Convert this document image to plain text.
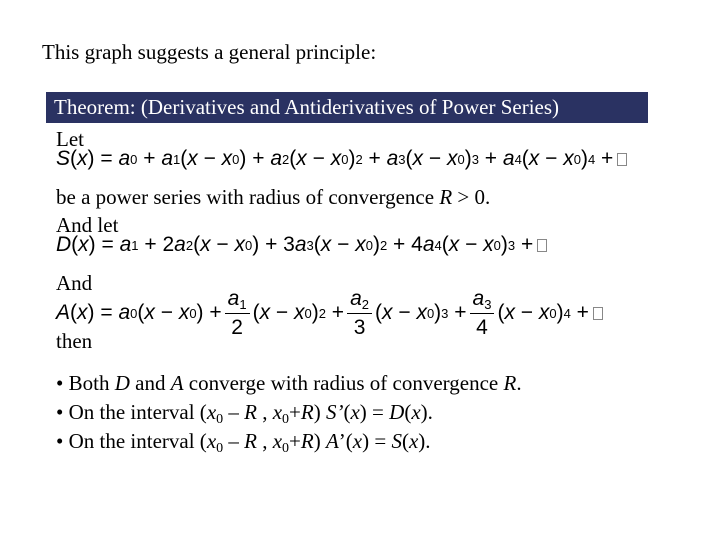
This graph suggests a general principle:
Theorem: (Derivatives and Antiderivatives of Power Series)
Let
S ( x ) = a 0 + a 1 ( x − x 0 ) + a 2 ( x − x 0 ) 2 + a 3 ( x − x 0 ) 3 + a 4 ( x − x 0 ) 4 +
be a power series with radius of convergence R > 0.
And let
D ( x ) = a 1 + 2 a 2 ( x − x 0 ) + 3 a 3 ( x − x 0 ) 2 + 4 a 4 ( x − x 0 ) 3 +
And
A ( x ) = a 0 ( x − x 0 ) + $\frac{a_1}{2}$ ( x − x 0 ) $2 + \frac{a_2}{3}$ ( x − x 0 ) $3 + \frac{a_3}{4}$ ( x − x 0 ) 4 +
then
• Both D and A converge with radius of convergence R.
• On the interval ($x_0$ – R , $x_0+R$) S’(x) = D(x).
• On the interval ($x_0$ – R , $x_0+R$) A’(x) = S(x).
